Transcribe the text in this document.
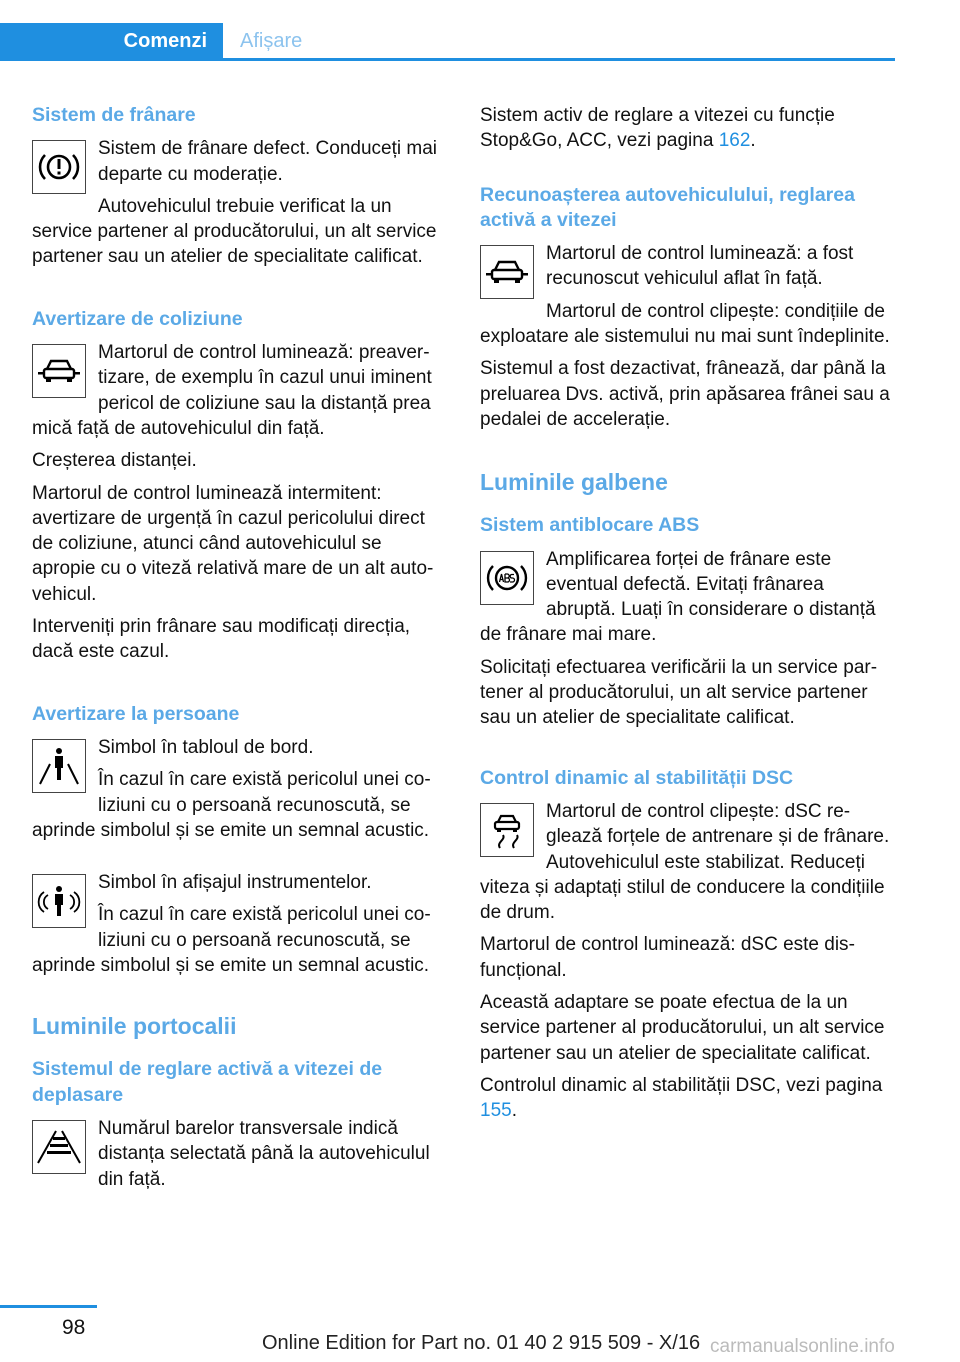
Comenzi	Afișare
Sistem de frânare

Sistem de frânare defect. Conduceți mai departe cu moderație.

Autovehiculul trebuie verificat la un service partener al producătorului, un alt service partener sau un atelier de specialitate calificat.

Avertizare de coliziune

Martorul de control luminează: preavertizare, de exemplu în cazul unui iminent pericol de coliziune sau la distanță prea mică față de autovehiculul din față.

Creșterea distanței.

Martorul de control luminează intermitent: avertizare de urgență în cazul pericolului direct de coliziune, atunci când autovehiculul se apropie cu o viteză relativă mare de un alt autovehicul.

Interveniți prin frânare sau modificați direcția, dacă este cazul.

Avertizare la persoane

Simbol în tabloul de bord.

În cazul în care există pericolul unei coliziuni cu o persoană recunoscută, se aprinde simbolul și se emite un semnal acustic.

Simbol în afișajul instrumentelor.

În cazul în care există pericolul unei coliziuni cu o persoană recunoscută, se aprinde simbolul și se emite un semnal acustic.

Luminile portocalii
Sistemul de reglare activă a vitezei de deplasare

Numărul barelor transversale indică distanța selectată până la autovehiculul din față.

Sistem activ de reglare a vitezei cu funcție Stop&Go, ACC, vezi pagina 162.

Recunoașterea autovehiculului, reglarea activă a vitezei

Martorul de control luminează: a fost recunoscut vehiculul aflat în față.

Martorul de control clipește: condițiile de exploatare ale sistemului nu mai sunt îndeplinite.

Sistemul a fost dezactivat, frânează, dar până la preluarea Dvs. activă, prin apăsarea frânei sau a pedalei de accelerație.

Luminile galbene
Sistem antiblocare ABS

Amplificarea forței de frânare este eventual defectă. Evitați frânarea abruptă. Luați în considerare o distanță de frânare mai mare.

Solicitați efectuarea verificării la un service partener al producătorului, un alt service partener sau un atelier de specialitate calificat.

Control dinamic al stabilității DSC

Martorul de control clipește: dSC reglează forțele de antrenare și de frânare. Autovehiculul este stabilizat. Reduceți viteza și adaptați stilul de conducere la condițiile de drum.

Martorul de control luminează: dSC este disfuncțional.

Această adaptare se poate efectua de la un service partener al producătorului, un alt service partener sau un atelier de specialitate calificat.

Controlul dinamic al stabilității DSC, vezi pagina 155.

98
Online Edition for Part no. 01 40 2 915 509 - X/16 carmanualsonline.info
